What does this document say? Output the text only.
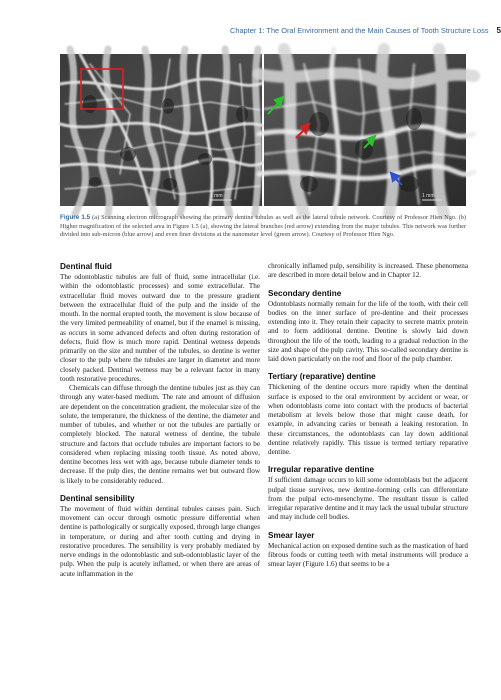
Chapter 1: The Oral Environment and the Main Causes of Tooth Structure Loss 5
1 mm	1 mm
Figure 1.5 (a) Scanning electron micrograph showing the primary dentine tubules as well as the lateral tubule network. Courtesy of Professor Hien Ngo. (b) Higher magnification of the selected area in Figure 1.5 (a), showing the lateral branches (red arrow) extending from the major tubules. This network was further divided into sub-micron (blue arrow) and even finer divisions at the nanometer level (green arrow). Courtesy of Professor Hien Ngo.
Dentinal fluid

The odontoblastic tubules are full of fluid, some intracellular (i.e. within the odontoblastic processes) and some extracellular. The extracellular fluid moves outward due to the pressure gradient between the extracellular fluid of the pulp and the inside of the mouth. In the normal erupted tooth, the movement is slow because of the very limited permeability of enamel, but if the enamel is missing, as occurs in some advanced defects and often during restoration of defects, fluid flow is much more rapid. Dentinal wetness depends primarily on the size and number of the tubules, so dentine is wetter closer to the pulp where the tubules are larger in diameter and more closely packed. Dentinal wetness may be a relevant factor in many tooth restorative procedures.

Chemicals can diffuse through the dentine tubules just as they can through any water-based medium. The rate and amount of diffusion are dependent on the concentration gradient, the molecular size of the solute, the temperature, the thickness of the dentine, the diameter and number of tubules, and whether or not the tubules are partially or completely blocked. The natural wetness of dentine, the tubule structure and factors that occlude tubules are important factors to be considered when replacing missing tooth tissue. As noted above, dentine becomes less wet with age, because tubule diameter tends to decrease. If the pulp dies, the dentine remains wet but outward flow is likely to be considerably reduced.

Dentinal sensibility

The movement of fluid within dentinal tubules causes pain. Such movement can occur through osmotic pressure differential when dentine is pathologically or surgically exposed, through large changes in temperature, or during and after tooth cutting and drying in restorative procedures. The sensibility is very probably mediated by nerve endings in the odontoblastic and sub-odontoblastic layer of the pulp. When the pulp is acutely inflamed, or when there are areas of acute inflammation in the

chronically inflamed pulp, sensibility is increased. These phenomena are described in more detail below and in Chapter 12.

Secondary dentine

Odontoblasts normally remain for the life of the tooth, with their cell bodies on the inner surface of pre-dentine and their processes extending into it. They retain their capacity to secrete matrix protein and to form additional dentine. Dentine is slowly laid down throughout the life of the tooth, leading to a gradual reduction in the size and shape of the pulp cavity. This so-called secondary dentine is laid down particularly on the roof and floor of the pulp chamber.

Tertiary (reparative) dentine

Thickening of the dentine occurs more rapidly when the dentinal surface is exposed to the oral environment by accident or wear, or when odontoblasts come into contact with the products of bacterial metabolism at levels below those that might cause death, for example, in advancing caries or beneath a leaking restoration. In these circumstances, the odontoblasts can lay down additional dentine relatively rapidly. This tissue is termed tertiary reparative dentine.

Irregular reparative dentine

If sufficient damage occurs to kill some odontoblasts but the adjacent pulpal tissue survives, new dentine-forming cells can differentiate from the pulpal ecto-mesenchyme. The resultant tissue is called irregular reparative dentine and it may lack the usual tubular structure and may include cell bodies.

Smear layer

Mechanical action on exposed dentine such as the mastication of hard fibrous foods or cutting teeth with metal instruments will produce a smear layer (Figure 1.6) that seems to be a
